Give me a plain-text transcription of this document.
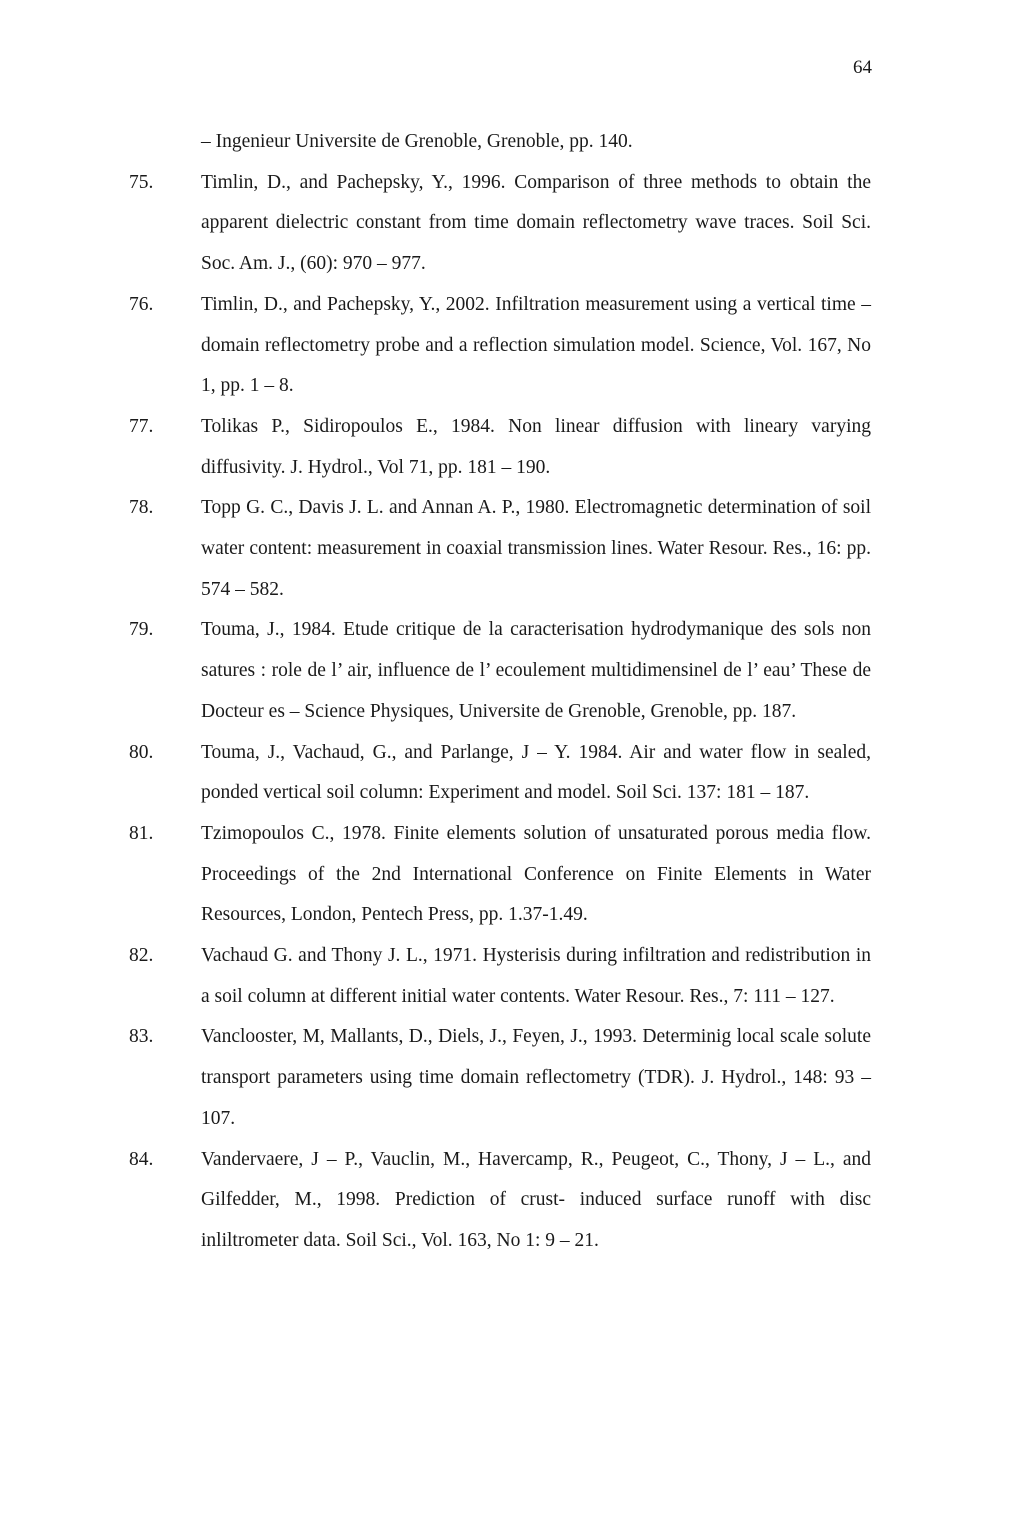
64
– Ingenieur Universite de Grenoble, Grenoble, pp. 140.
75.	Timlin, D., and Pachepsky, Y., 1996. Comparison of three methods to obtain the apparent dielectric constant from time domain reflectometry wave traces. Soil Sci. Soc. Am. J., (60): 970 – 977.
76.	Timlin, D., and Pachepsky, Y., 2002. Infiltration measurement using a vertical time – domain reflectometry probe and a reflection simulation model. Science, Vol. 167, No 1, pp. 1 – 8.
77.	Tolikas P., Sidiropoulos E., 1984. Non linear diffusion with lineary varying diffusivity. J. Hydrol., Vol 71, pp. 181 – 190.
78.	Topp G. C., Davis J. L. and Annan A. P., 1980. Electromagnetic determination of soil water content: measurement in coaxial transmission lines. Water Resour. Res., 16: pp. 574 – 582.
79.	Touma, J., 1984. Etude critique de la caracterisation hydrodymanique des sols non satures : role de l’ air, influence de l’ ecoulement multidimensinel de l’ eau’ These de Docteur es – Science Physiques, Universite de Grenoble, Grenoble, pp. 187.
80.	Touma, J., Vachaud, G., and Parlange, J – Y. 1984. Air and water flow in sealed, ponded vertical soil column: Experiment and model. Soil Sci. 137: 181 – 187.
81.	Tzimopoulos C., 1978. Finite elements solution of unsaturated porous media flow. Proceedings of the 2nd International Conference on Finite Elements in Water Resources, London, Pentech Press, pp. 1.37-1.49.
82.	Vachaud G. and Thony J. L., 1971. Hysterisis during infiltration and redistribution in a soil column at different initial water contents. Water Resour. Res., 7: 111 – 127.
83.	Vanclooster, M, Mallants, D., Diels, J., Feyen, J., 1993. Determinig local scale solute transport parameters using time domain reflectometry (TDR). J. Hydrol., 148: 93 – 107.
84.	Vandervaere, J – P., Vauclin, M., Havercamp, R., Peugeot, C., Thony, J – L., and Gilfedder, M., 1998. Prediction of crust- induced surface runoff with disc inliltrometer data. Soil Sci., Vol. 163, No 1: 9 – 21.
